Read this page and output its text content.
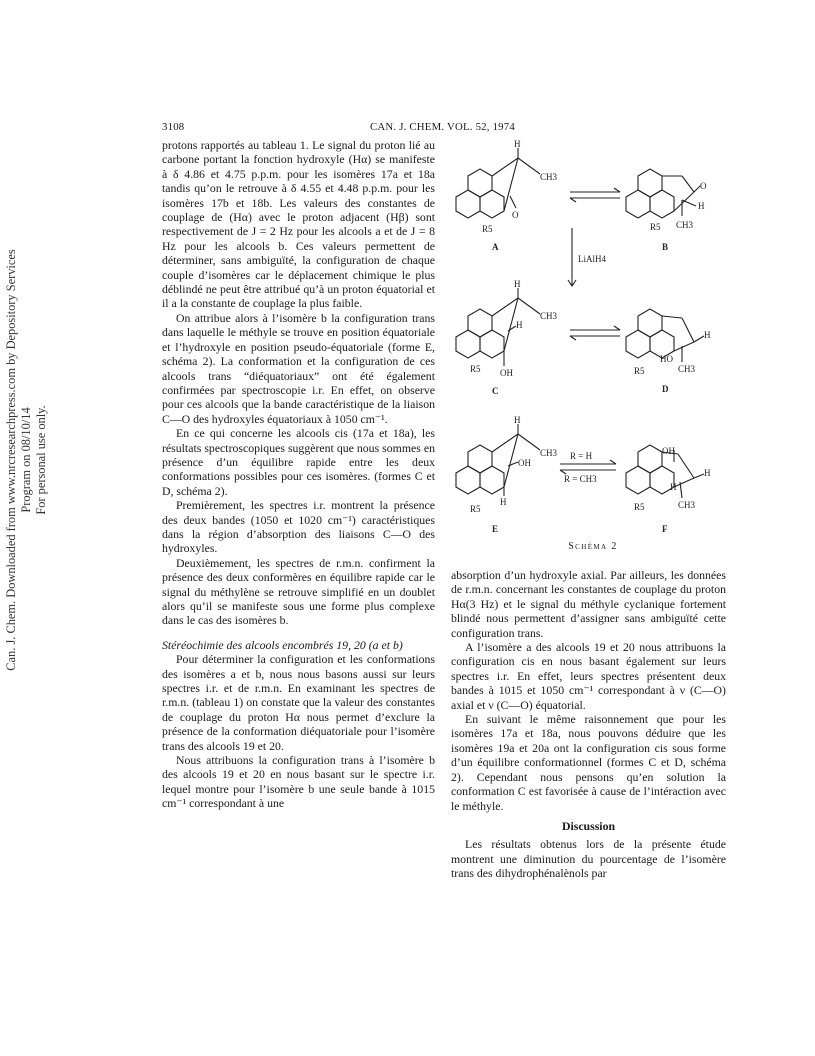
Can. J. Chem. Downloaded from www.nrcresearchpress.com by Depository Services Program on 08/10/14 For personal use only.
3108	CAN. J. CHEM. VOL. 52, 1974

protons rapportés au tableau 1. Le signal du proton lié au carbone portant la fonction hydroxyle (Hα) se manifeste à δ 4.86 et 4.75 p.p.m. pour les isomères 17a et 18a tandis qu’on le retrouve à δ 4.55 et 4.48 p.p.m. pour les isomères 17b et 18b. Les valeurs des constantes de couplage de (Hα) avec le proton adjacent (Hβ) sont respectivement de J = 2 Hz pour les alcools a et de J = 8 Hz pour les alcools b. Ces valeurs permettent de déterminer, sans ambiguïté, la configuration de chaque couple d’isomères car le déplacement chimique le plus déblindé ne peut être attribué qu’à un proton équatorial et il a la constante de couplage la plus faible.

On attribue alors à l’isomère b la configuration trans dans laquelle le méthyle se trouve en position équatoriale et l’hydroxyle en position pseudo-équatoriale (forme E, schéma 2). La conformation et la configuration de ces alcools trans “diéquatoriaux” ont été également confirmées par spectroscopie i.r. En effet, on observe pour ces alcools que la bande caractéristique de la liaison C—O des hydroxyles équatoriaux à 1050 cm⁻¹.

En ce qui concerne les alcools cis (17a et 18a), les résultats spectroscopiques suggèrent que nous sommes en présence d’un équilibre rapide entre les deux conformations possibles pour ces isomères. (formes C et D, schéma 2).

Premièrement, les spectres i.r. montrent la présence des deux bandes (1050 et 1020 cm⁻¹) caractéristiques dans la région d’absorption des liaisons C—O des hydroxyles.

Deuxièmement, les spectres de r.m.n. confirment la présence des deux conformères en équilibre rapide car le signal du méthylène se retrouve simplifié en un doublet alors qu’il se manifeste sous une forme plus complexe dans le cas des isomères b.

Stéréochimie des alcools encombrés 19, 20 (a et b)

Pour déterminer la configuration et les conformations des isomères a et b, nous nous basons aussi sur leurs spectres i.r. et de r.m.n. En examinant les spectres de r.m.n. (tableau 1) on constate que la valeur des constantes de couplage du proton Hα nous permet d’exclure la présence de la conformation diéquatoriale pour l’isomère trans des alcools 19 et 20.

Nous attribuons la configuration trans à l’isomère b des alcools 19 et 20 en nous basant sur le spectre i.r. lequel montre pour l’isomère b une seule bande à 1015 cm⁻¹ correspondant à une

H
CH3
O
R5
A
O
H
CH3
R5
B
LiAlH4
H
CH3
H
OH
R5
C
H
HO
CH3
R5
D
H
CH3
OH
H
R5
E
R = H
R = CH3
OH
H
H
CH3
R5
F
Schéma 2

absorption d’un hydroxyle axial. Par ailleurs, les données de r.m.n. concernant les constantes de couplage du proton Hα(3 Hz) et le signal du méthyle cyclanique fortement blindé nous permettent d’assigner sans ambiguïté cette configuration trans.

A l’isomère a des alcools 19 et 20 nous attribuons la configuration cis en nous basant également sur leurs spectres i.r. En effet, leurs spectres présentent deux bandes à 1015 et 1050 cm⁻¹ correspondant à ν (C—O) axial et ν (C—O) équatorial.

En suivant le même raisonnement que pour les isomères 17a et 18a, nous pouvons déduire que les isomères 19a et 20a ont la configuration cis sous forme d’un équilibre conformationnel (formes C et D, schéma 2). Cependant nous pensons qu’en solution la conformation C est favorisée à cause de l’intéraction avec le méthyle.

Discussion

Les résultats obtenus lors de la présente étude montrent une diminution du pourcentage de l’isomère trans des dihydrophénalènols par
